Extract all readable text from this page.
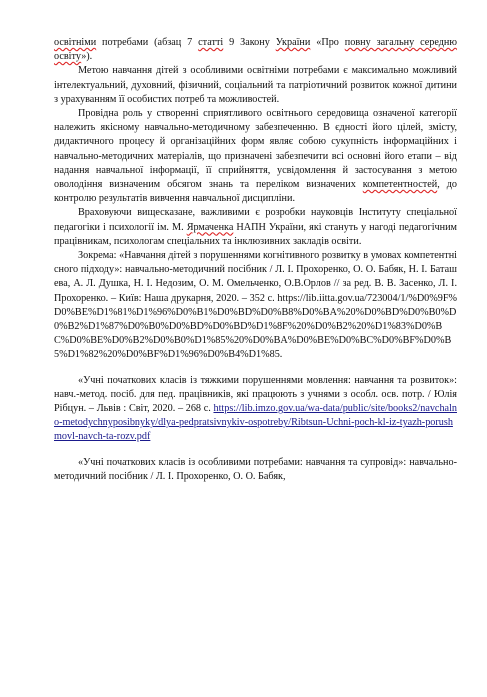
освітніми потребами (абзац 7 статті 9 Закону України «Про повну загальну середню освіту»).

Метою навчання дітей з особливими освітніми потребами є максимально можливий інтелектуальний, духовний, фізичний, соціальний та патріотичний розвиток кожної дитини з урахуванням її особистих потреб та можливостей.

Провідна роль у створенні сприятливого освітнього середовища означеної категорії належить якісному навчально-методичному забезпеченню. В єдності його цілей, змісту, дидактичного процесу й організаційних форм являє собою сукупність інформаційних і навчально-методичних матеріалів, що призначені забезпечити всі основні його етапи – від надання навчальної інформації, її сприйняття, усвідомлення й застосування з метою оволодіння визначеним обсягом знань та переліком визначених компетентностей, до контролю результатів вивчення навчальної дисципліни.

Враховуючи вищесказане, важливими є розробки науковців Інституту спеціальної педагогіки і психології ім. М. Ярмаченка НАПН України, які стануть у нагоді педагогічним працівникам, психологам спеціальних та інклюзивних закладів освіти.

Зокрема: «Навчання дітей з порушеннями когнітивного розвитку в умовах компетентнісного підходу»: навчально-методичний посібник / Л. І. Прохоренко, О. О. Бабяк, Н. І. Баташева, А. Л. Душка, Н. І. Недозим, О. М. Омельченко, О.В.Орлов // за ред. В. В. Засенко, Л. І. Прохоренко. – Київ: Наша друкарня, 2020. – 352 с. https://lib.iitta.gov.ua/723004/1/%D0%9F%D0%BE%D1%81%D1%96%D0%B1%D0%BD%D0%B8%D0%BA%20%D0%BD%D0%B0%D0%B2%D1%87%D0%B0%D0%BD%D0%BD%D1%8F%20%D0%B2%20%D1%83%D0%BC%D0%BE%D0%B2%D0%B0%D1%85%20%D0%BA%D0%BE%D0%BC%D0%BF%D0%B5%D1%82%20%D0%BF%D1%96%D0%B4%D1%85.

«Учні початкових класів із тяжкими порушеннями мовлення: навчання та розвиток»: навч.-метод. посіб. для пед. працівників, які працюють з учнями з особл. осв. потр. / Юлія Рібцун. – Львів : Світ, 2020. – 268 с. https://lib.imzo.gov.ua/wa-data/public/site/books2/navchalno-metodychnyposibnyky/dlya-pedpratsivnykiv-ospotreby/Ribtsun-Uchni-poch-kl-iz-tyazh-porushmovl-navch-ta-rozv.pdf

«Учні початкових класів із особливими потребами: навчання та супровід»: навчально-методичний посібник / Л. І. Прохоренко, О. О. Бабяк,
